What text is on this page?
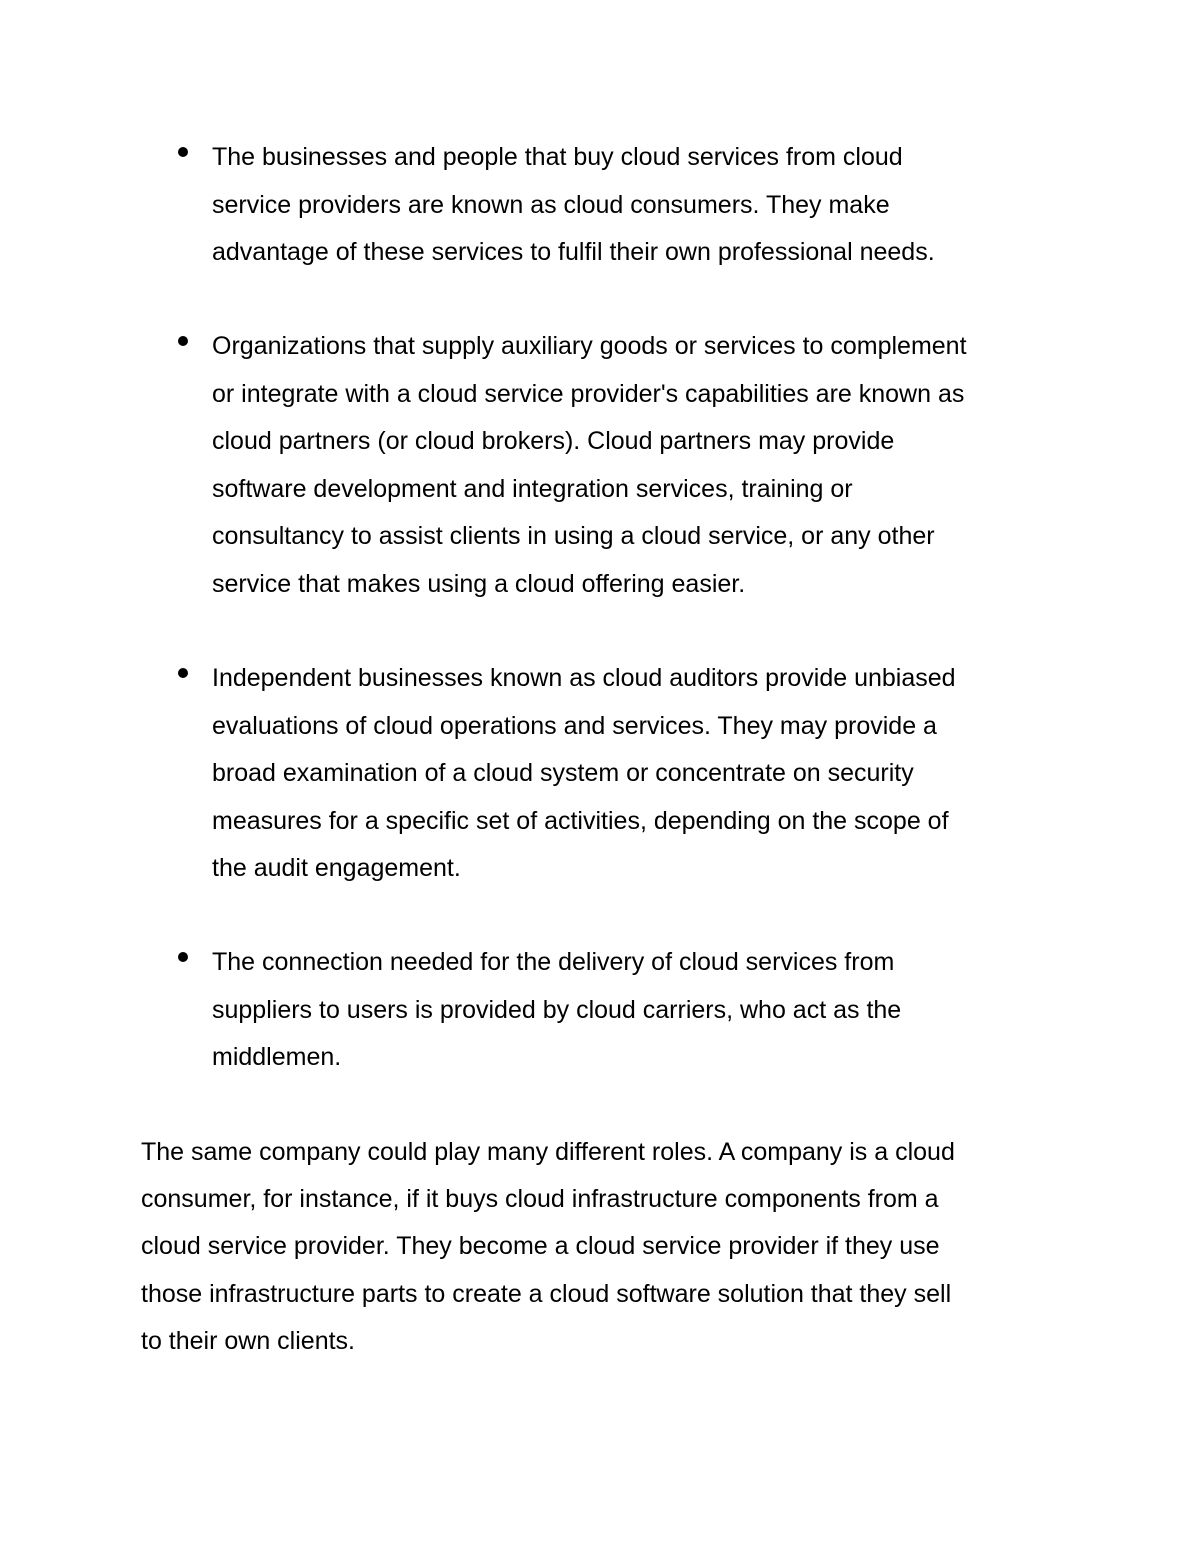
The businesses and people that buy cloud services from cloud
service providers are known as cloud consumers. They make
advantage of these services to fulfil their own professional needs.
Organizations that supply auxiliary goods or services to complement
or integrate with a cloud service provider's capabilities are known as
cloud partners (or cloud brokers). Cloud partners may provide
software development and integration services, training or
consultancy to assist clients in using a cloud service, or any other
service that makes using a cloud offering easier.
Independent businesses known as cloud auditors provide unbiased
evaluations of cloud operations and services. They may provide a
broad examination of a cloud system or concentrate on security
measures for a specific set of activities, depending on the scope of
the audit engagement.
The connection needed for the delivery of cloud services from
suppliers to users is provided by cloud carriers, who act as the
middlemen.

The same company could play many different roles. A company is a cloud
consumer, for instance, if it buys cloud infrastructure components from a
cloud service provider. They become a cloud service provider if they use
those infrastructure parts to create a cloud software solution that they sell
to their own clients.
